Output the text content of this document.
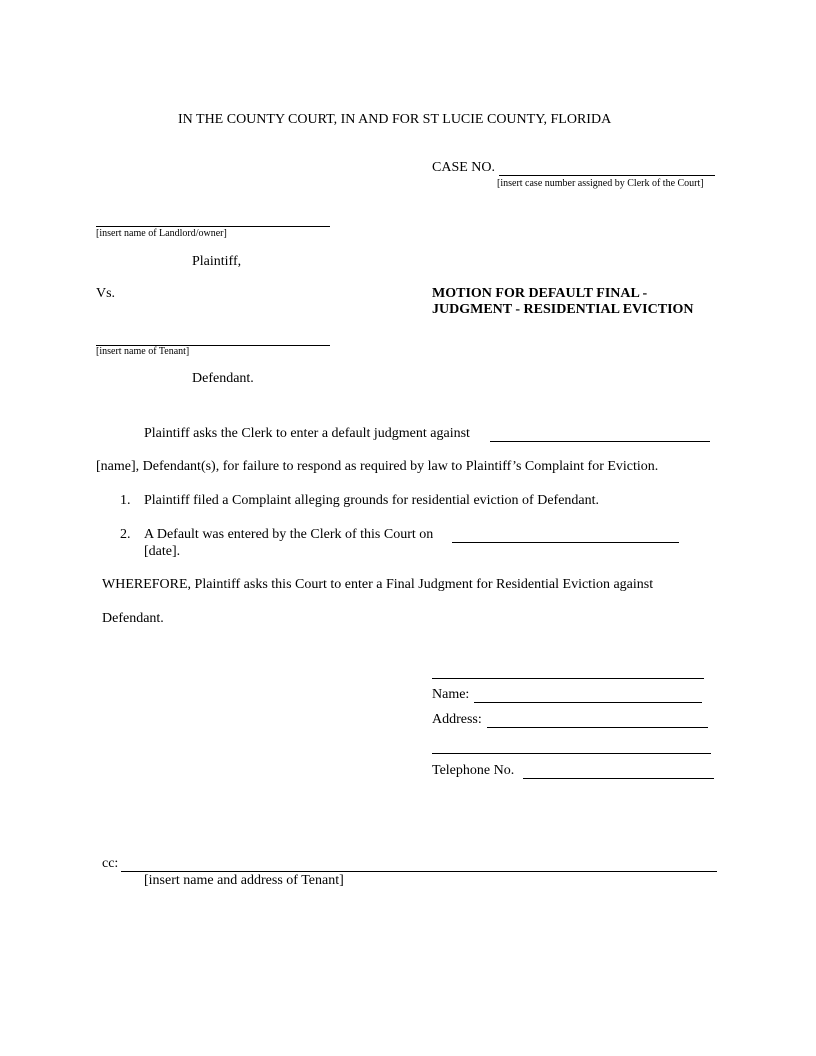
IN THE COUNTY COURT, IN AND FOR ST LUCIE COUNTY, FLORIDA
CASE NO.
[insert case number assigned by Clerk of the Court]
[insert name of Landlord/owner]
Plaintiff,
Vs.	MOTION FOR DEFAULT FINAL -
JUDGMENT - RESIDENTIAL EVICTION
[insert name of Tenant]
Defendant.
Plaintiff asks the Clerk to enter a default judgment against
[name], Defendant(s), for failure to respond as required by law to Plaintiff’s Complaint for Eviction.
1. Plaintiff filed a Complaint alleging grounds for residential eviction of Defendant.
2. A Default was entered by the Clerk of this Court on
[date].
WHEREFORE, Plaintiff asks this Court to enter a Final Judgment for Residential Eviction against
Defendant.
Name:
Address:
Telephone No.
cc:
[insert name and address of Tenant]
